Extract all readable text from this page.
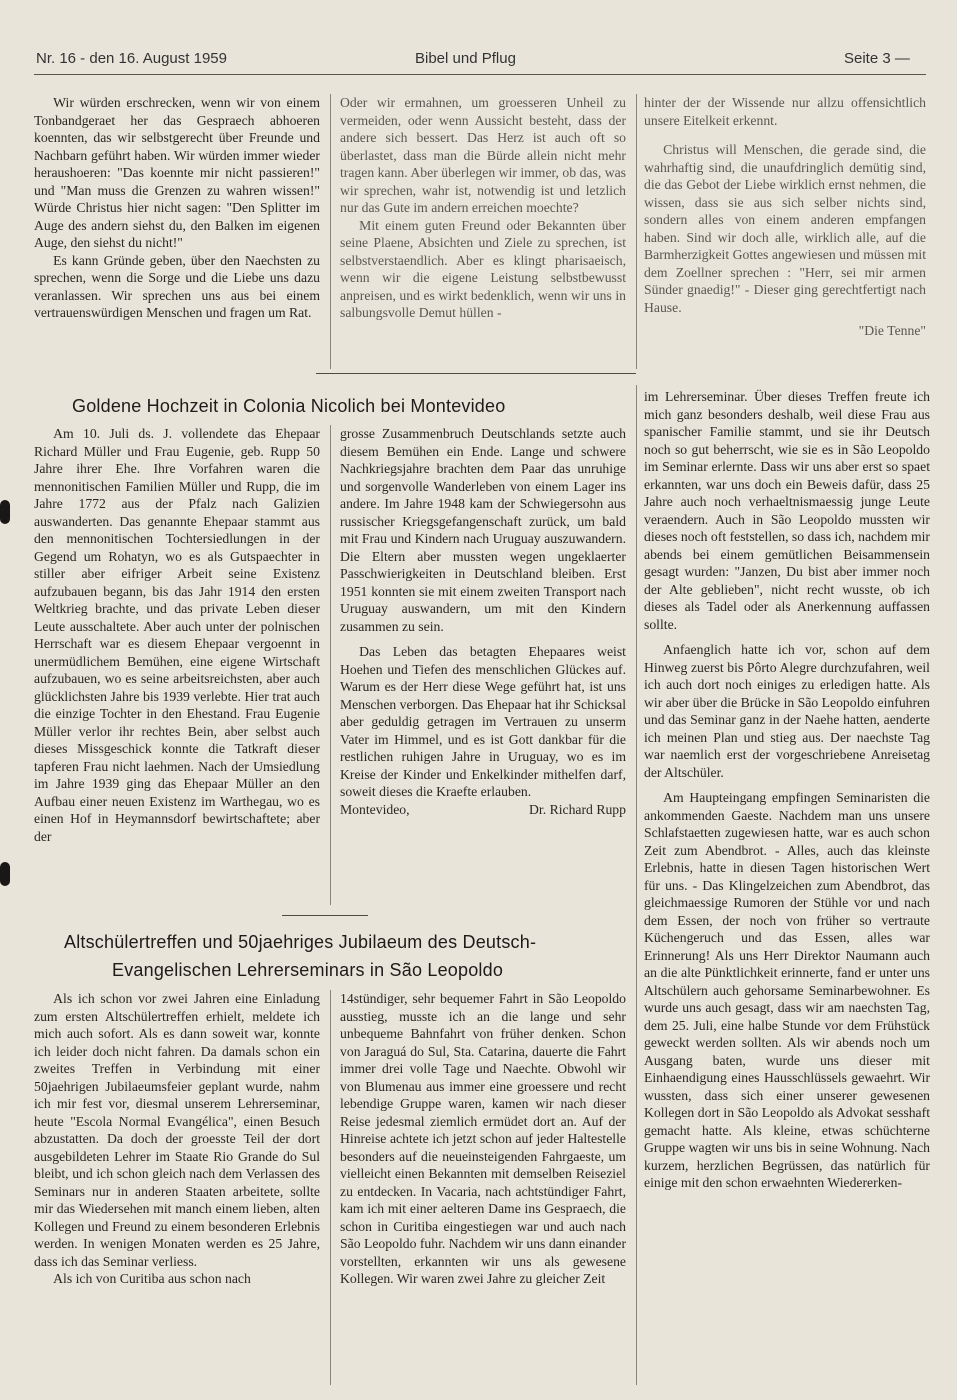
Nr. 16 - den 16. August 1959	Bibel und Pflug	Seite 3 —

Wir würden erschrecken, wenn wir von einem Tonbandgeraet her das Gespraech abhoeren koennten, das wir selbstgerecht über Freunde und Nachbarn geführt haben. Wir würden immer wieder heraushoeren: "Das koennte mir nicht passieren!" und "Man muss die Grenzen zu wahren wissen!" Würde Christus hier nicht sagen: "Den Splitter im Auge des andern siehst du, den Balken im eigenen Auge, den siehst du nicht!"

Es kann Gründe geben, über den Naechsten zu sprechen, wenn die Sorge und die Liebe uns dazu veranlassen. Wir sprechen uns aus bei einem vertrauenswürdigen Menschen und fragen um Rat.

Oder wir ermahnen, um groesseren Unheil zu vermeiden, oder wenn Aussicht besteht, dass der andere sich bessert. Das Herz ist auch oft so überlastet, dass man die Bürde allein nicht mehr tragen kann. Aber überlegen wir immer, ob das, was wir sprechen, wahr ist, notwendig ist und letzlich nur das Gute im andern erreichen moechte?

Mit einem guten Freund oder Bekannten über seine Plaene, Absichten und Ziele zu sprechen, ist selbstverstaendlich. Aber es klingt pharisaeisch, wenn wir die eigene Leistung selbstbewusst anpreisen, und es wirkt bedenklich, wenn wir uns in salbungsvolle Demut hüllen -

hinter der der Wissende nur allzu offensichtlich unsere Eitelkeit erkennt.

Christus will Menschen, die gerade sind, die wahrhaftig sind, die unaufdringlich demütig sind, die das Gebot der Liebe wirklich ernst nehmen, die wissen, dass sie aus sich selber nichts sind, sondern alles von einem anderen empfangen haben. Sind wir doch alle, wirklich alle, auf die Barmherzigkeit Gottes angewiesen und müssen mit dem Zoellner sprechen : "Herr, sei mir armen Sünder gnaedig!" - Dieser ging gerechtfertigt nach Hause.

"Die Tenne"

Goldene Hochzeit in Colonia Nicolich bei Montevideo

Am 10. Juli ds. J. vollendete das Ehepaar Richard Müller und Frau Eugenie, geb. Rupp 50 Jahre ihrer Ehe. Ihre Vorfahren waren die mennonitischen Familien Müller und Rupp, die im Jahre 1772 aus der Pfalz nach Galizien auswanderten. Das genannte Ehepaar stammt aus den mennonitischen Tochtersiedlungen in der Gegend um Rohatyn, wo es als Gutspaechter in stiller aber eifriger Arbeit seine Existenz aufzubauen begann, bis das Jahr 1914 den ersten Weltkrieg brachte, und das private Leben dieser Leute ausschaltete. Aber auch unter der polnischen Herrschaft war es diesem Ehepaar vergoennt in unermüdlichem Bemühen, eine eigene Wirtschaft aufzubauen, wo es seine arbeitsreichsten, aber auch glücklichsten Jahre bis 1939 verlebte. Hier trat auch die einzige Tochter in den Ehestand. Frau Eugenie Müller verlor ihr rechtes Bein, aber selbst auch dieses Missgeschick konnte die Tatkraft dieser tapferen Frau nicht laehmen. Nach der Umsiedlung im Jahre 1939 ging das Ehepaar Müller an den Aufbau einer neuen Existenz im Warthegau, wo es einen Hof in Heymannsdorf bewirtschaftete; aber der

grosse Zusammenbruch Deutschlands setzte auch diesem Bemühen ein Ende. Lange und schwere Nachkriegsjahre brachten dem Paar das unruhige und sorgenvolle Wanderleben von einem Lager ins andere. Im Jahre 1948 kam der Schwiegersohn aus russischer Kriegsgefangenschaft zurück, um bald mit Frau und Kindern nach Uruguay auszuwandern. Die Eltern aber mussten wegen ungeklaerter Passchwierigkeiten in Deutschland bleiben. Erst 1951 konnten sie mit einem zweiten Transport nach Uruguay auswandern, um mit den Kindern zusammen zu sein.

Das Leben das betagten Ehepaares weist Hoehen und Tiefen des menschlichen Glückes auf. Warum es der Herr diese Wege geführt hat, ist uns Menschen verborgen. Das Ehepaar hat ihr Schicksal aber geduldig getragen im Vertrauen zu unserm Vater im Himmel, und es ist Gott dankbar für die restlichen ruhigen Jahre in Uruguay, wo es im Kreise der Kinder und Enkelkinder mithelfen darf, soweit dieses die Kraefte erlauben.

Montevideo,	Dr. Richard Rupp

Altschülertreffen und 50jaehriges Jubilaeum des Deutsch-
Evangelischen Lehrerseminars in São Leopoldo

Als ich schon vor zwei Jahren eine Einladung zum ersten Altschülertreffen erhielt, meldete ich mich auch sofort. Als es dann soweit war, konnte ich leider doch nicht fahren. Da damals schon ein zweites Treffen in Verbindung mit einer 50jaehrigen Jubilaeumsfeier geplant wurde, nahm ich mir fest vor, diesmal unserem Lehrerseminar, heute "Escola Normal Evangélica", einen Besuch abzustatten. Da doch der groesste Teil der dort ausgebildeten Lehrer im Staate Rio Grande do Sul bleibt, und ich schon gleich nach dem Verlassen des Seminars nur in anderen Staaten arbeitete, sollte mir das Wiedersehen mit manch einem lieben, alten Kollegen und Freund zu einem besonderen Erlebnis werden. In wenigen Monaten werden es 25 Jahre, dass ich das Seminar verliess.

Als ich von Curitiba aus schon nach

14stündiger, sehr bequemer Fahrt in São Leopoldo ausstieg, musste ich an die lange und sehr unbequeme Bahnfahrt von früher denken. Schon von Jaraguá do Sul, Sta. Catarina, dauerte die Fahrt immer drei volle Tage und Naechte. Obwohl wir von Blumenau aus immer eine groessere und recht lebendige Gruppe waren, kamen wir nach dieser Reise jedesmal ziemlich ermüdet dort an. Auf der Hinreise achtete ich jetzt schon auf jeder Haltestelle besonders auf die neueinsteigenden Fahrgaeste, um vielleicht einen Bekannten mit demselben Reiseziel zu entdecken. In Vacaria, nach achtstündiger Fahrt, kam ich mit einer aelteren Dame ins Gespraech, die schon in Curitiba eingestiegen war und auch nach São Leopoldo fuhr. Nachdem wir uns dann einander vorstellten, erkannten wir uns als gewesene Kollegen. Wir waren zwei Jahre zu gleicher Zeit

im Lehrerseminar. Über dieses Treffen freute ich mich ganz besonders deshalb, weil diese Frau aus spanischer Familie stammt, und sie ihr Deutsch noch so gut beherrscht, wie sie es in São Leopoldo im Seminar erlernte. Dass wir uns aber erst so spaet erkannten, war uns doch ein Beweis dafür, dass 25 Jahre auch noch verhaeltnismaessig junge Leute veraendern. Auch in São Leopoldo mussten wir dieses noch oft feststellen, so dass ich, nachdem mir abends bei einem gemütlichen Beisammensein gesagt wurden: "Janzen, Du bist aber immer noch der Alte geblieben", nicht recht wusste, ob ich dieses als Tadel oder als Anerkennung auffassen sollte.

Anfaenglich hatte ich vor, schon auf dem Hinweg zuerst bis Pôrto Alegre durchzufahren, weil ich auch dort noch einiges zu erledigen hatte. Als wir aber über die Brücke in São Leopoldo einfuhren und das Seminar ganz in der Naehe hatten, aenderte ich meinen Plan und stieg aus. Der naechste Tag war naemlich erst der vorgeschriebene Anreisetag der Altschüler.

Am Haupteingang empfingen Seminaristen die ankommenden Gaeste. Nachdem man uns unsere Schlafstaetten zugewiesen hatte, war es auch schon Zeit zum Abendbrot. - Alles, auch das kleinste Erlebnis, hatte in diesen Tagen historischen Wert für uns. - Das Klingelzeichen zum Abendbrot, das gleichmaessige Rumoren der Stühle vor und nach dem Essen, der noch von früher so vertraute Küchengeruch und das Essen, alles war Erinnerung! Als uns Herr Direktor Naumann auch an die alte Pünktlichkeit erinnerte, fand er unter uns Altschülern auch gehorsame Seminarbewohner. Es wurde uns auch gesagt, dass wir am naechsten Tag, dem 25. Juli, eine halbe Stunde vor dem Frühstück geweckt werden sollten. Als wir abends noch um Ausgang baten, wurde uns dieser mit Einhaendigung eines Hausschlüssels gewaehrt. Wir wussten, dass sich einer unserer gewesenen Kollegen dort in São Leopoldo als Advokat sesshaft gemacht hatte. Als kleine, etwas schüchterne Gruppe wagten wir uns bis in seine Wohnung. Nach kurzem, herzlichen Begrüssen, das natürlich für einige mit den schon erwaehnten Wiedererken-
